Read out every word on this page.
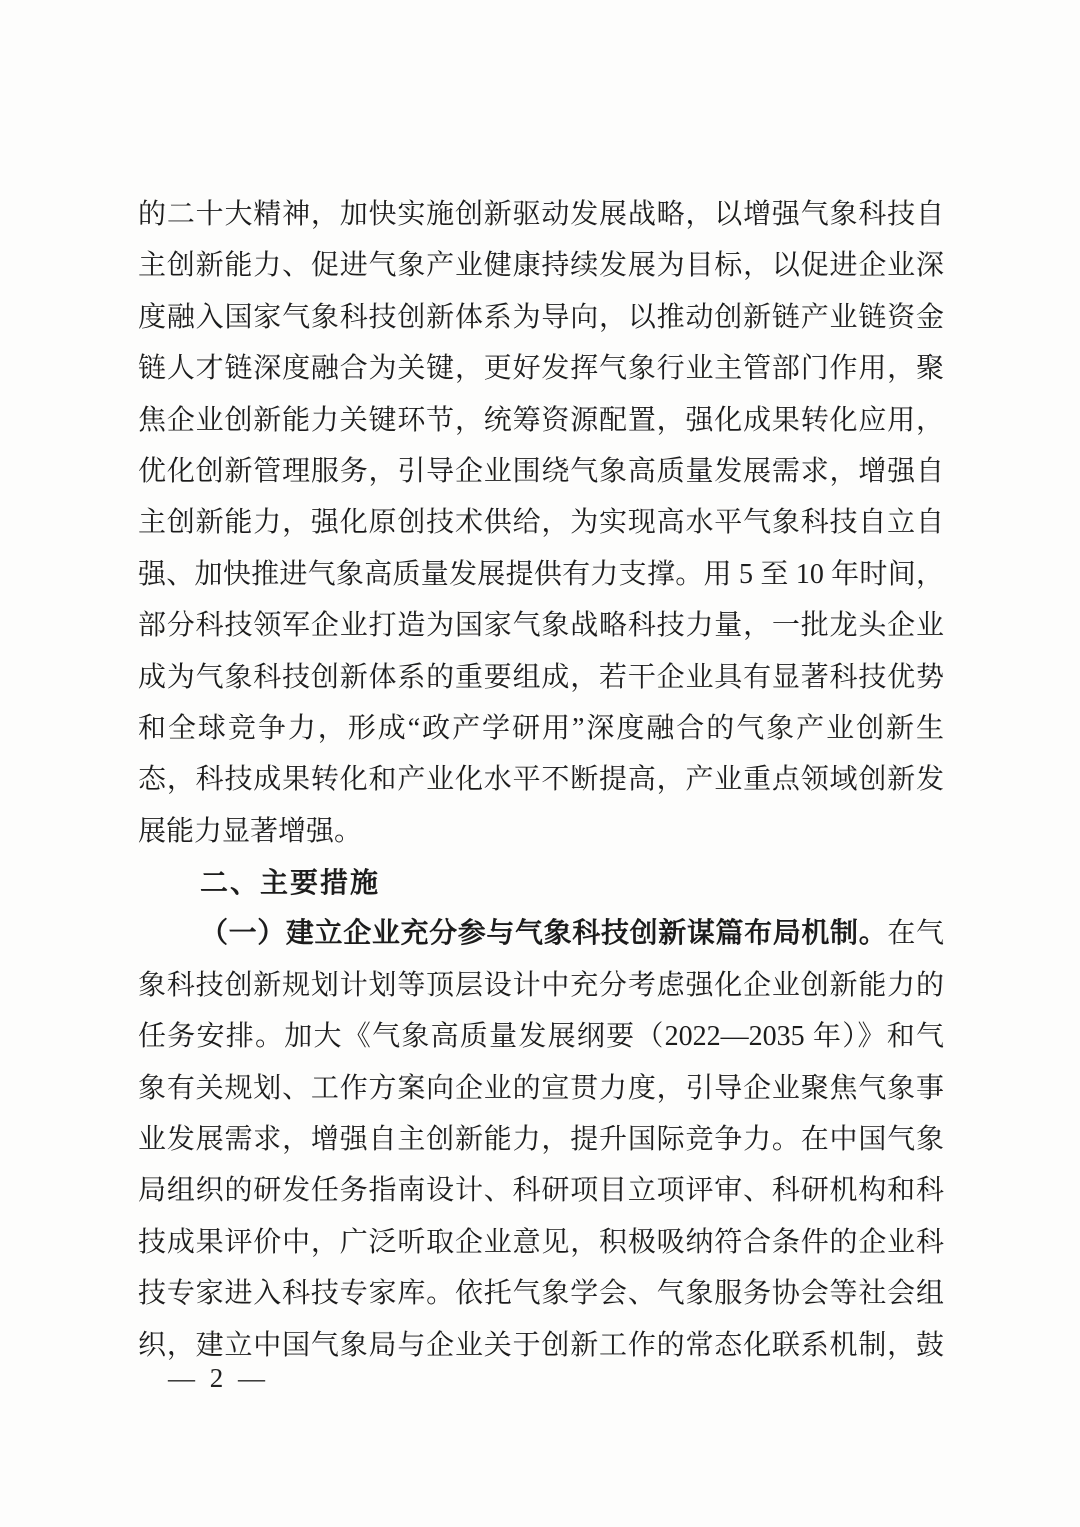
的二十大精神，加快实施创新驱动发展战略，以增强气象科技自
主创新能力、促进气象产业健康持续发展为目标，以促进企业深
度融入国家气象科技创新体系为导向，以推动创新链产业链资金
链人才链深度融合为关键，更好发挥气象行业主管部门作用，聚
焦企业创新能力关键环节，统筹资源配置，强化成果转化应用，
优化创新管理服务，引导企业围绕气象高质量发展需求，增强自
主创新能力，强化原创技术供给，为实现高水平气象科技自立自
强、加快推进气象高质量发展提供有力支撑。用 5 至 10 年时间，
部分科技领军企业打造为国家气象战略科技力量，一批龙头企业
成为气象科技创新体系的重要组成，若干企业具有显著科技优势
和全球竞争力，形成“政产学研用”深度融合的气象产业创新生
态，科技成果转化和产业化水平不断提高，产业重点领域创新发
展能力显著增强。
二、主要措施
（一）建立企业充分参与气象科技创新谋篇布局机制。在气
象科技创新规划计划等顶层设计中充分考虑强化企业创新能力的
任务安排。加大《气象高质量发展纲要（2022—2035 年）》和气
象有关规划、工作方案向企业的宣贯力度，引导企业聚焦气象事
业发展需求，增强自主创新能力，提升国际竞争力。在中国气象
局组织的研发任务指南设计、科研项目立项评审、科研机构和科
技成果评价中，广泛听取企业意见，积极吸纳符合条件的企业科
技专家进入科技专家库。依托气象学会、气象服务协会等社会组
织，建立中国气象局与企业关于创新工作的常态化联系机制，鼓
— 2 —
